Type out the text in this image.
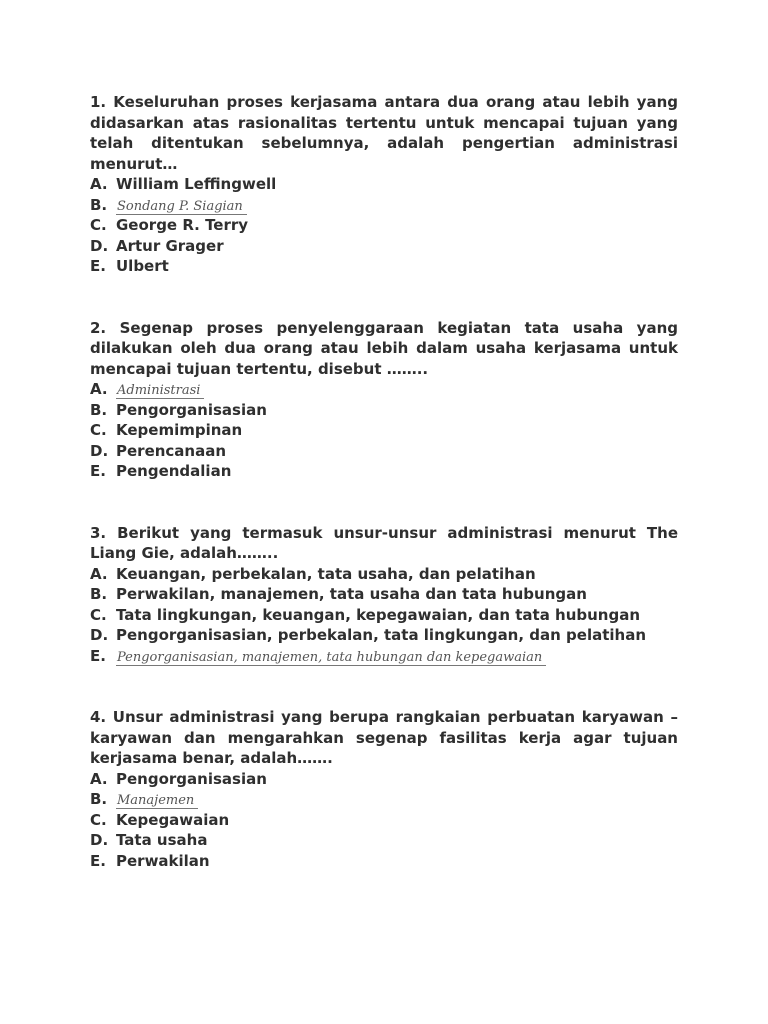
1. Keseluruhan proses kerjasama antara dua orang atau lebih yang didasarkan atas rasionalitas tertentu untuk mencapai tujuan yang telah ditentukan sebelumnya, adalah pengertian administrasi menurut…

A. William Leffingwell

B. Sondang P. Siagian

C. George R. Terry

D. Artur Grager

E. Ulbert

2. Segenap proses penyelenggaraan kegiatan tata usaha yang dilakukan oleh dua orang atau lebih dalam usaha kerjasama untuk mencapai tujuan tertentu, disebut ……..

A. Administrasi

B. Pengorganisasian

C. Kepemimpinan

D. Perencanaan

E. Pengendalian

3. Berikut yang termasuk unsur-unsur administrasi menurut The Liang Gie, adalah……..

A. Keuangan, perbekalan, tata usaha, dan pelatihan

B. Perwakilan, manajemen, tata usaha dan tata hubungan

C. Tata lingkungan, keuangan, kepegawaian, dan tata hubungan

D. Pengorganisasian, perbekalan, tata lingkungan, dan pelatihan

E. Pengorganisasian, manajemen, tata hubungan dan kepegawaian

4. Unsur administrasi yang berupa rangkaian perbuatan karyawan – karyawan dan mengarahkan segenap fasilitas kerja agar tujuan kerjasama benar, adalah…….

A. Pengorganisasian

B. Manajemen

C. Kepegawaian

D. Tata usaha

E. Perwakilan
